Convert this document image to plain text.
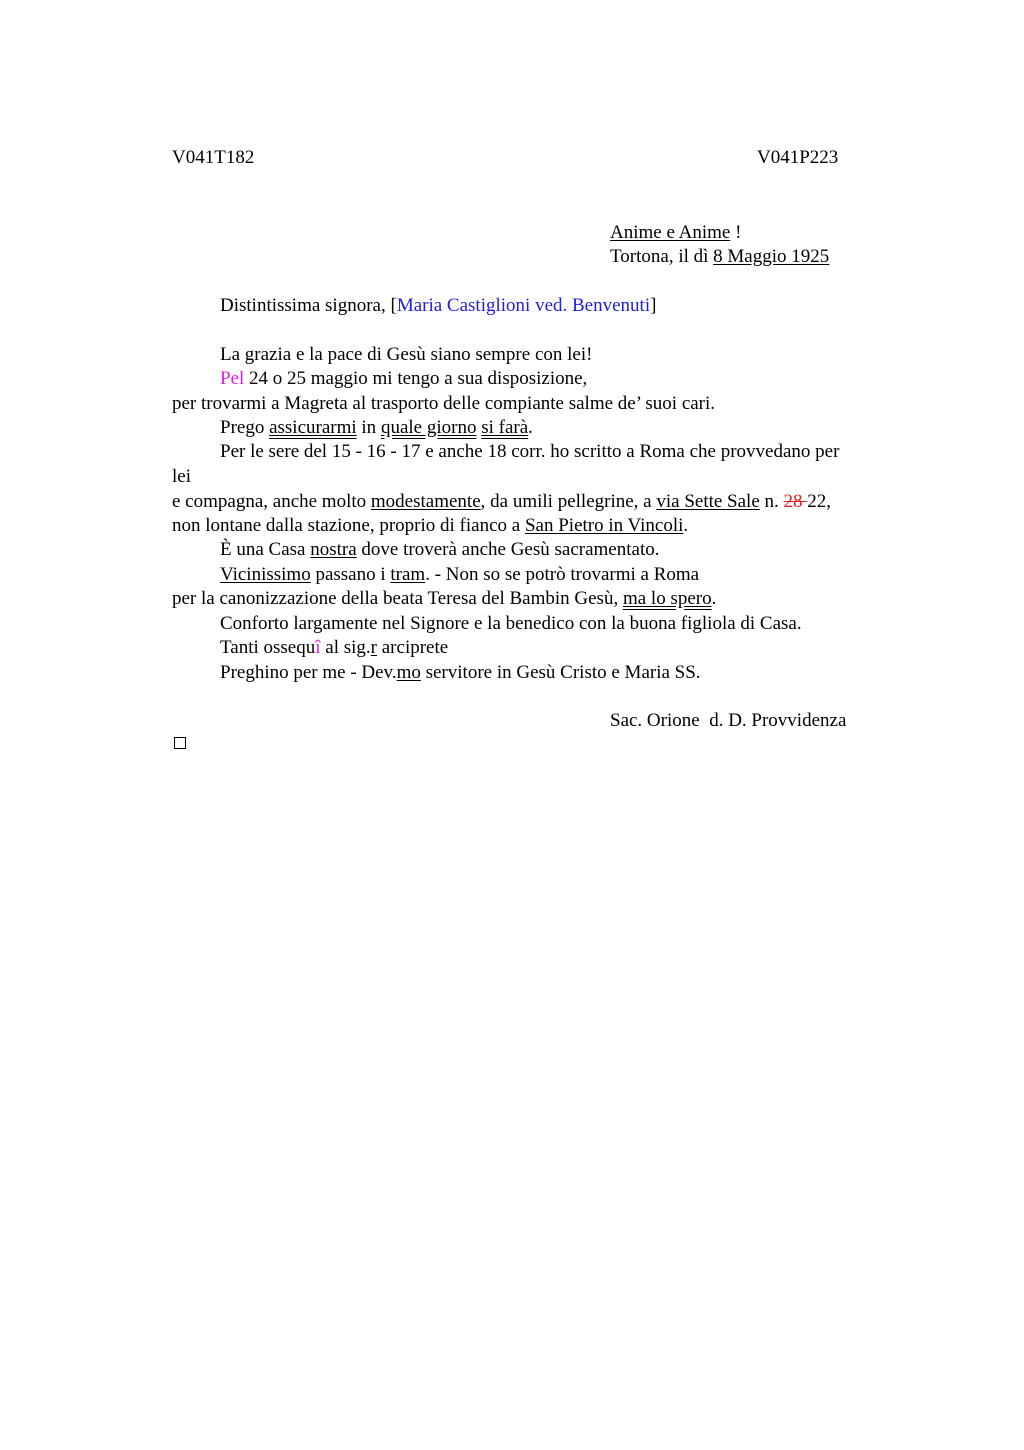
V041T182	V041P223
Anime e Anime !
Tortona, il dì 8 Maggio 1925
Distintissima signora, [Maria Castiglioni ved. Benvenuti]
La grazia e la pace di Gesù siano sempre con lei!
Pel 24 o 25 maggio mi tengo a sua disposizione,
per trovarmi a Magreta al trasporto delle compiante salme de’ suoi cari.
Prego assicurarmi in quale giorno si farà.
Per le sere del 15 - 16 - 17 e anche 18 corr. ho scritto a Roma che provvedano per
lei
e compagna, anche molto modestamente, da umili pellegrine, a via Sette Sale n. 28 22,
non lontane dalla stazione, proprio di fianco a San Pietro in Vincoli.
È una Casa nostra dove troverà anche Gesù sacramentato.
Vicinissimo passano i tram. - Non so se potrò trovarmi a Roma
per la canonizzazione della beata Teresa del Bambin Gesù, ma lo spero.
Conforto largamente nel Signore e la benedico con la buona figliola di Casa.
Tanti ossequî al sig.r arciprete
Preghino per me - Dev.mo servitore in Gesù Cristo e Maria SS.
Sac. Orione  d. D. Provvidenza
